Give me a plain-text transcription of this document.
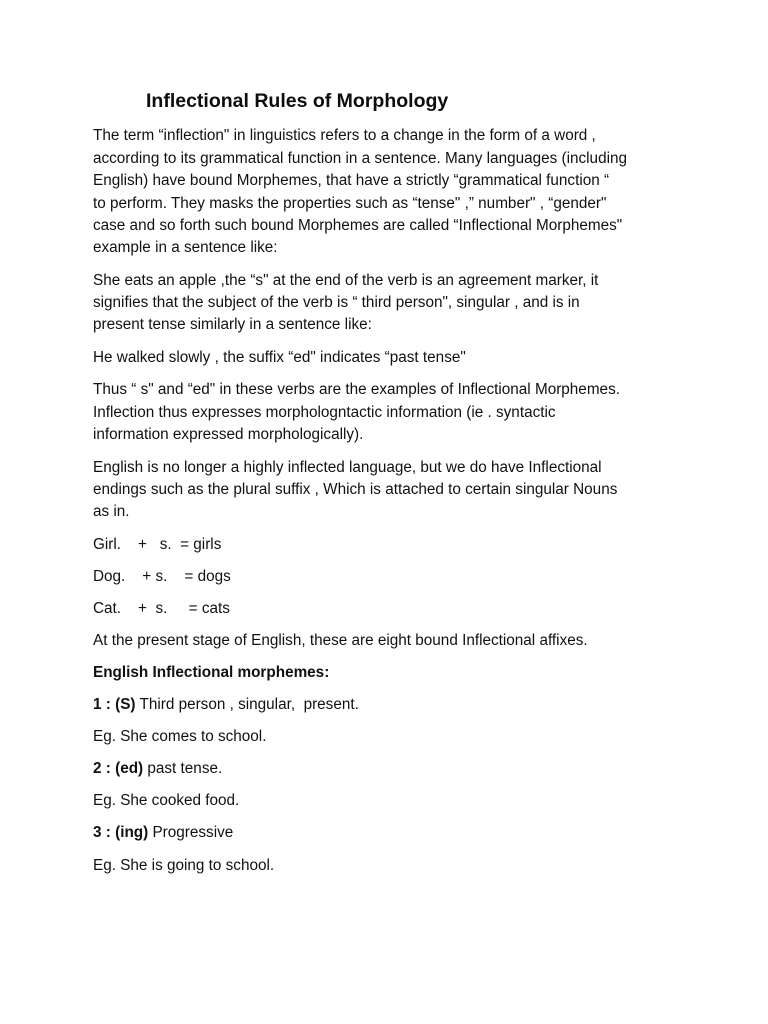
Inflectional Rules of Morphology
The term “inflection" in linguistics refers to a change in the form of a word ,
according to its grammatical function in a sentence. Many languages (including
English) have bound Morphemes, that have a strictly “grammatical function “
to perform. They masks the properties such as “tense" ,” number" , “gender"
case and so forth such bound Morphemes are called “Inflectional Morphemes"
example in a sentence like:
She eats an apple ,the “s" at the end of the verb is an agreement marker, it
signifies that the subject of the verb is “ third person", singular , and is in
present tense similarly in a sentence like:
He walked slowly , the suffix “ed" indicates “past tense"
Thus “ s" and “ed" in these verbs are the examples of Inflectional Morphemes.
Inflection thus expresses morphologntactic information (ie . syntactic
information expressed morphologically).
English is no longer a highly inflected language, but we do have Inflectional
endings such as the plural suffix , Which is attached to certain singular Nouns
as in.
Girl.    +   s.  = girls
Dog.    + s.    = dogs
Cat.    +  s.     = cats
At the present stage of English, these are eight bound Inflectional affixes.
English Inflectional morphemes:
1 : (S) Third person , singular,  present.
Eg. She comes to school.
2 : (ed) past tense.
Eg. She cooked food.
3 : (ing) Progressive
Eg. She is going to school.
